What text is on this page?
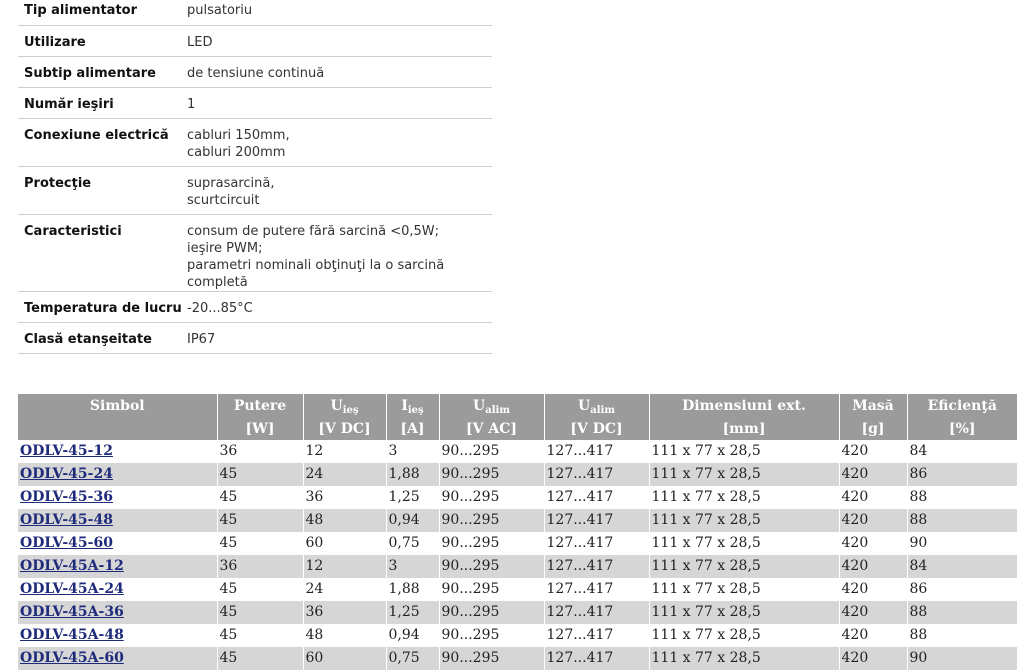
Tip alimentator	pulsatoriu

Utilizare	LED

Subtip alimentare	de tensiune continuă

Număr ieşiri	1

Conexiune electrică	cabluri 150mm,
cabluri 200mm

Protecţie	suprasarcină,
scurtcircuit

Caracteristici	consum de putere fără sarcină <0,5W;
ieşire PWM;
parametri nominali obţinuţi la o sarcină completă

Temperatura de lucru	-20...85°C

Clasă etanşeitate	IP67
Simbol	Putere	$U_{ieş}$	$I_{ieş}$	$U_{alim}$	$U_{alim}$	Dimensiuni ext.	Masă	Eficienţă
	[W]	[V DC]	[A]	[V AC]	[V DC]	[mm]	[g]	[%]
ODLV-45-12	36	12	3	90...295	127...417	111 x 77 x 28,5	420	84
ODLV-45-24	45	24	1,88	90...295	127...417	111 x 77 x 28,5	420	86
ODLV-45-36	45	36	1,25	90...295	127...417	111 x 77 x 28,5	420	88
ODLV-45-48	45	48	0,94	90...295	127...417	111 x 77 x 28,5	420	88
ODLV-45-60	45	60	0,75	90...295	127...417	111 x 77 x 28,5	420	90
ODLV-45A-12	36	12	3	90...295	127...417	111 x 77 x 28,5	420	84
ODLV-45A-24	45	24	1,88	90...295	127...417	111 x 77 x 28,5	420	86
ODLV-45A-36	45	36	1,25	90...295	127...417	111 x 77 x 28,5	420	88
ODLV-45A-48	45	48	0,94	90...295	127...417	111 x 77 x 28,5	420	88
ODLV-45A-60	45	60	0,75	90...295	127...417	111 x 77 x 28,5	420	90
